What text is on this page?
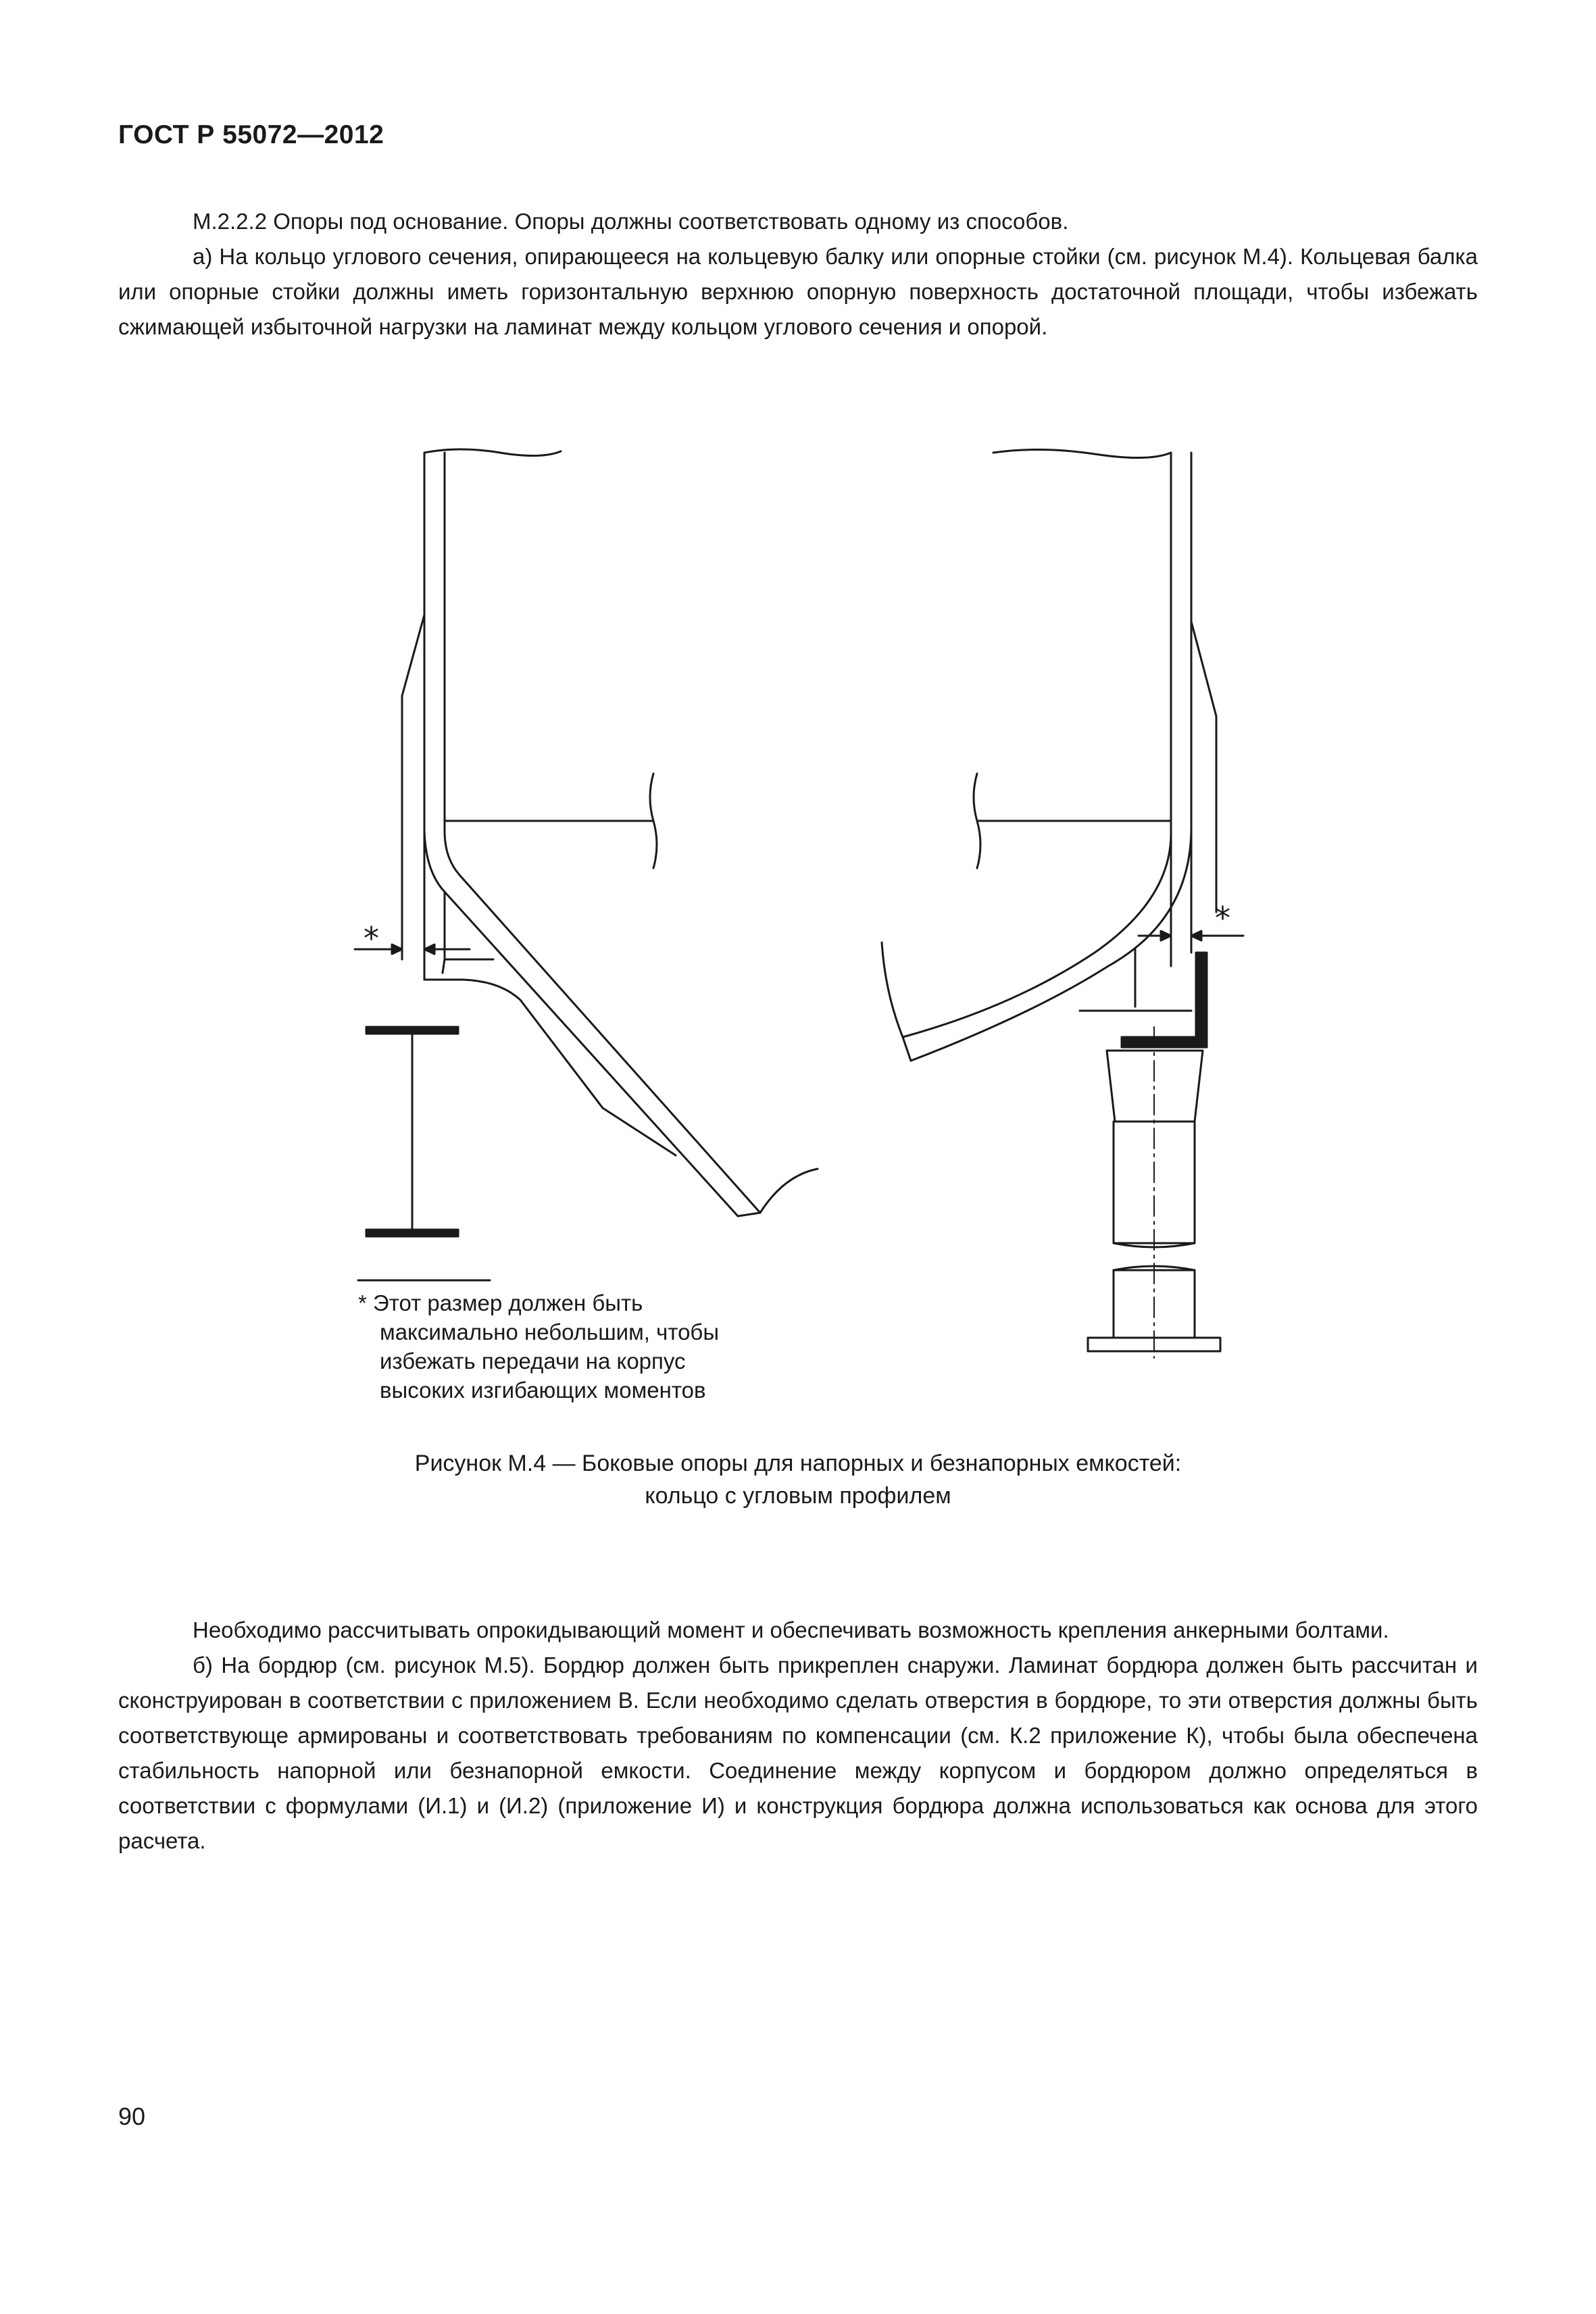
ГОСТ Р 55072—2012

М.2.2.2 Опоры под основание. Опоры должны соответствовать одному из способов.

а) На кольцо углового сечения, опирающееся на кольцевую балку или опорные стойки (см. рисунок М.4). Кольцевая балка или опорные стойки должны иметь горизонтальную верхнюю опорную поверхность достаточной площади, чтобы избежать сжимающей избыточной нагрузки на ламинат между кольцом углового сечения и опорой.

*
*
* Этот размер должен быть
максимально небольшим, чтобы
избежать передачи на корпус
высоких изгибающих моментов
Рисунок М.4 — Боковые опоры для напорных и безнапорных емкостей:
кольцо с угловым профилем

Необходимо рассчитывать опрокидывающий момент и обеспечивать возможность крепления анкерными болтами.

б) На бордюр (см. рисунок М.5). Бордюр должен быть прикреплен снаружи. Ламинат бордюра должен быть рассчитан и сконструирован в соответствии с приложением В. Если необходимо сделать отверстия в бордюре, то эти отверстия должны быть соответствующе армированы и соответствовать требованиям по компенсации (см. К.2 приложение К), чтобы была обеспечена стабильность напорной или безнапорной емкости. Соединение между корпусом и бордюром должно определяться в соответствии с формулами (И.1) и (И.2) (приложение И) и конструкция бордюра должна использоваться как основа для этого расчета.

90
